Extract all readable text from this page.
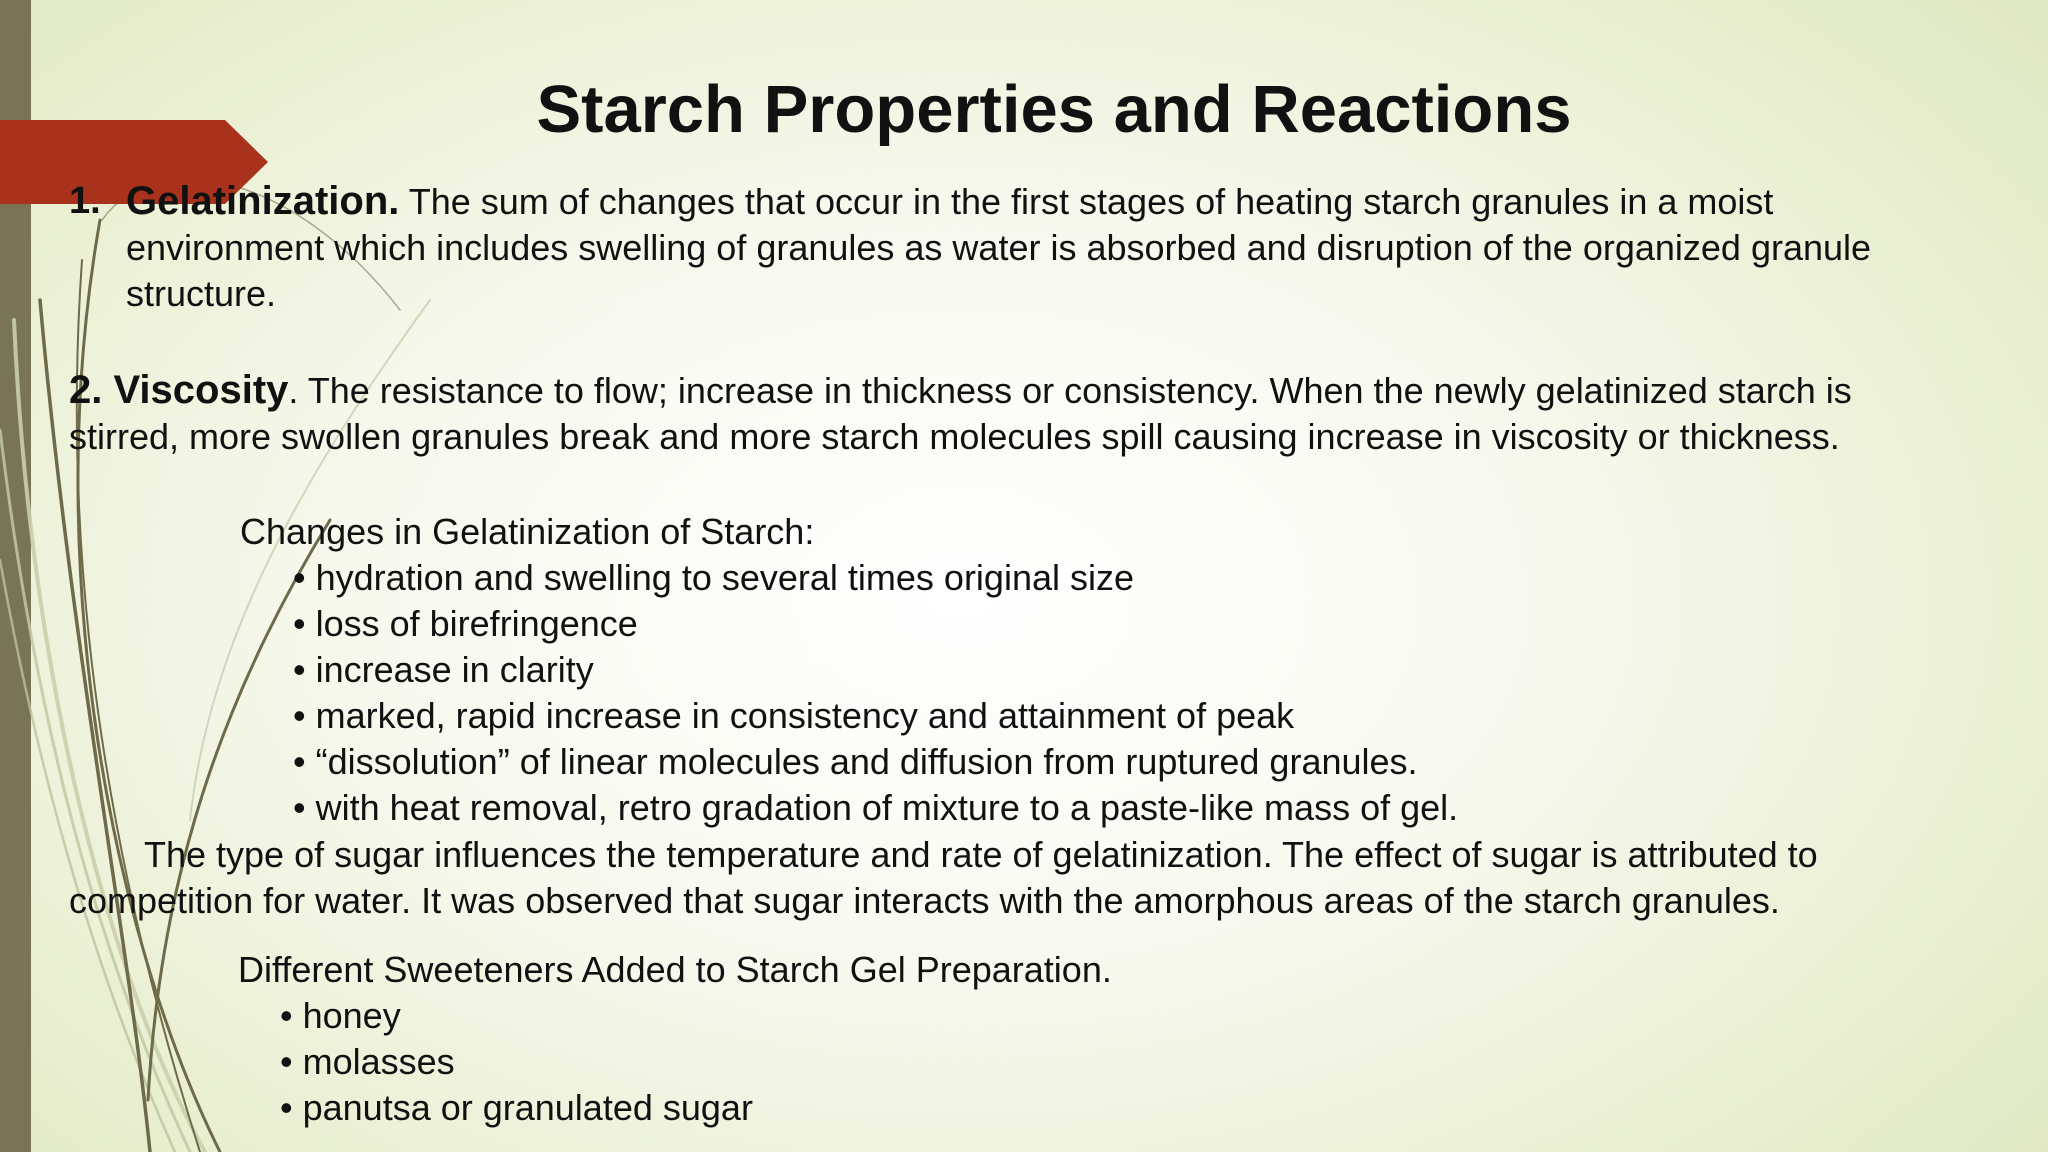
Starch Properties and Reactions
1. Gelatinization. The sum of changes that occur in the first stages of heating starch granules in a moist environment which includes swelling of granules as water is absorbed and disruption of the organized granule structure.

2. Viscosity. The resistance to flow; increase in thickness or consistency. When the newly gelatinized starch is stirred, more swollen granules break and more starch molecules spill causing increase in viscosity or thickness.

Changes in Gelatinization of Starch:

• hydration and swelling to several times original size
• loss of birefringence
• increase in clarity
• marked, rapid increase in consistency and attainment of peak
• “dissolution” of linear molecules and diffusion from ruptured granules.
• with heat removal, retro gradation of mixture to a paste-like mass of gel.

The type of sugar influences the temperature and rate of gelatinization. The effect of sugar is attributed to competition for water. It was observed that sugar interacts with the amorphous areas of the starch granules.

Different Sweeteners Added to Starch Gel Preparation.

• honey
• molasses
• panutsa or granulated sugar
